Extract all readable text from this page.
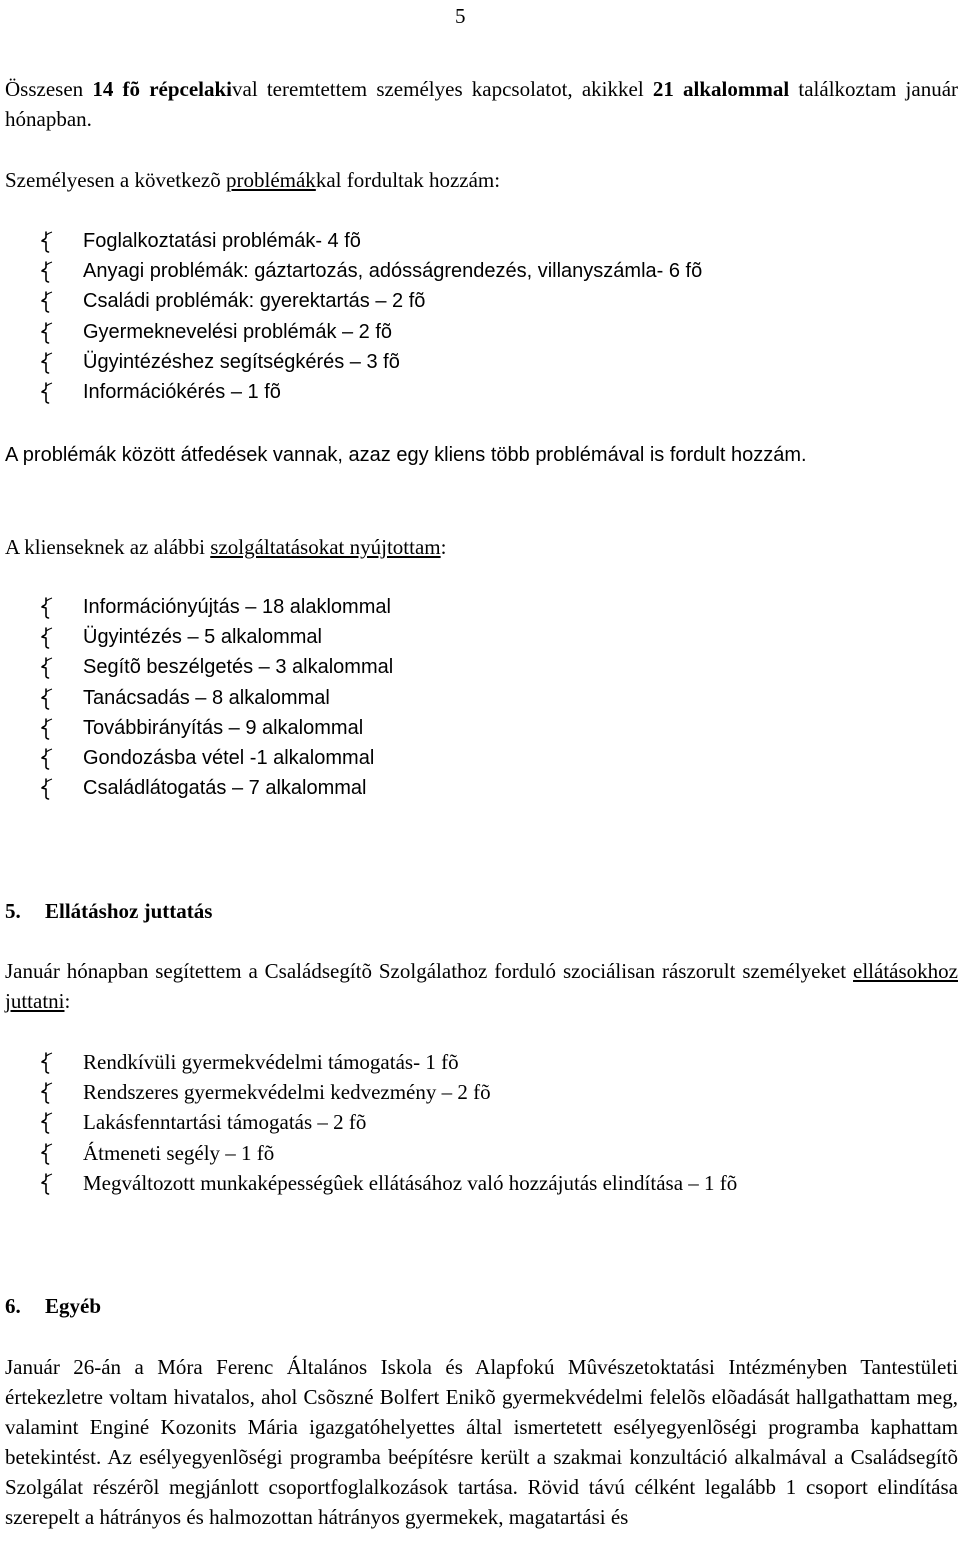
5

Összesen 14 fõ répcelakival teremtettem személyes kapcsolatot, akikkel 21 alkalommal találkoztam január hónapban.

Személyesen a következõ problémákkal fordultak hozzám:

Foglalkoztatási problémák- 4 fõ
Anyagi problémák: gáztartozás, adósságrendezés, villanyszámla- 6 fõ
Családi problémák: gyerektartás – 2 fõ
Gyermeknevelési problémák – 2 fõ
Ügyintézéshez segítségkérés – 3 fõ
Információkérés – 1 fõ

A problémák között átfedések vannak, azaz egy kliens több problémával is fordult hozzám.

A klienseknek az alábbi szolgáltatásokat nyújtottam:

Információnyújtás – 18 alaklommal
Ügyintézés – 5 alkalommal
Segítõ beszélgetés – 3 alkalommal
Tanácsadás – 8 alkalommal
Továbbirányítás – 9 alkalommal
Gondozásba vétel -1 alkalommal
Családlátogatás – 7 alkalommal
5. Ellátáshoz juttatás

Január hónapban segítettem a Családsegítõ Szolgálathoz forduló szociálisan rászorult személyeket ellátásokhoz juttatni:

Rendkívüli gyermekvédelmi támogatás- 1 fõ
Rendszeres gyermekvédelmi kedvezmény – 2 fõ
Lakásfenntartási támogatás – 2 fõ
Átmeneti segély – 1 fõ
Megváltozott munkaképességûek ellátásához való hozzájutás elindítása – 1 fõ
6. Egyéb

Január 26-án a Móra Ferenc Általános Iskola és Alapfokú Mûvészetoktatási Intézményben Tantestületi értekezletre voltam hivatalos, ahol Csõszné Bolfert Enikõ gyermekvédelmi felelõs elõadását hallgathattam meg, valamint Enginé Kozonits Mária igazgatóhelyettes által ismertetett esélyegyenlõségi programba kaphattam betekintést. Az esélyegyenlõségi programba beépítésre került a szakmai konzultáció alkalmával a Családsegítõ Szolgálat részérõl megjánlott csoportfoglalkozások tartása. Rövid távú célként legalább 1 csoport elindítása szerepelt a hátrányos és halmozottan hátrányos gyermekek, magatartási és
